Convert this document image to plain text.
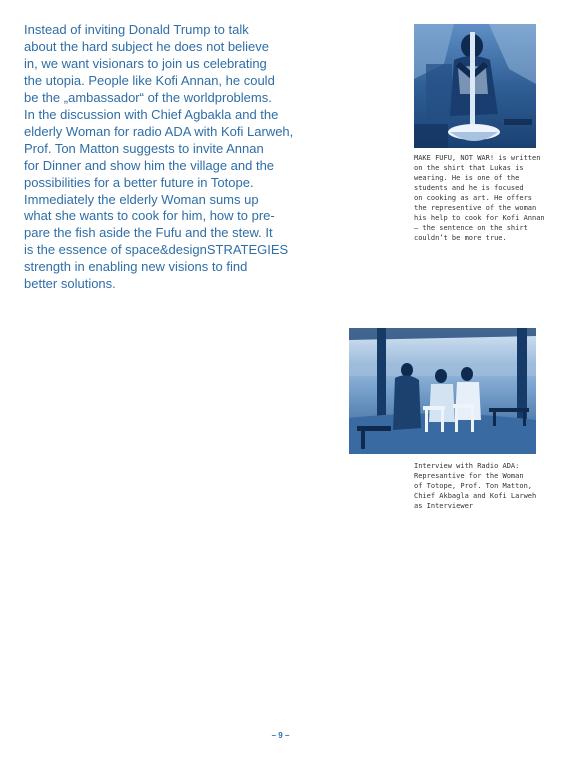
Instead of inviting Donald Trump to talk
about the hard subject he does not believe
in, we want visionars to join us celebrating
the utopia. People like Kofi Annan, he could
be the „ambassador“ of the worldproblems.
In the discussion with Chief Agbakla and the
elderly Woman for radio ADA with Kofi Larweh,
Prof. Ton Matton suggests to invite Annan
for Dinner and show him the village and the
possibilities for a better future in Totope.
Immediately the elderly Woman sums up
what she wants to cook for him, how to pre-
pare the fish aside the Fufu and the stew. It
is the essence of space&designSTRATEGIES
strength in enabling new visions to find
better solutions.

MAKE FUFU, NOT WAR! is written
on the shirt that Lukas is
wearing. He is one of the
students and he is focused
on cooking as art. He offers
the representive of the woman
his help to cook for Kofi Annan
– the sentence on the shirt
couldn’t be more true.

Interview with Radio ADA:
Represantive for the Woman
of Totope, Prof. Ton Matton,
Chief Akbagla and Kofi Larweh
as Interviewer

– 9 –
